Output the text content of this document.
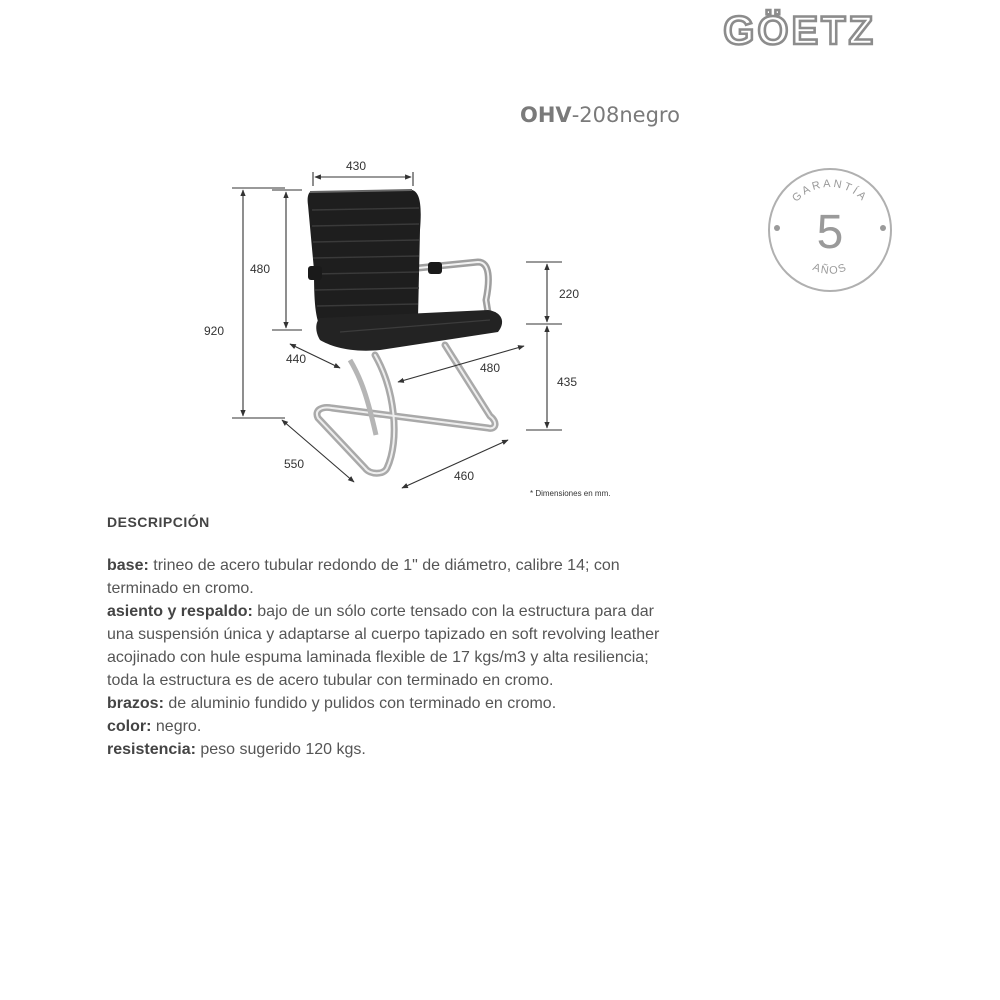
GÖETZ
OHV-208negro
430
480
920
220
435
440
480
550
460
* Dimensiones en mm.
GARANTÍA
5
AÑOS
DESCRIPCIÓN

base: trineo de acero tubular redondo de 1" de diámetro, calibre 14; con terminado en cromo.

asiento y respaldo: bajo de un sólo corte tensado con la estructura para dar una suspensión única y adaptarse al cuerpo tapizado en soft revolving leather acojinado con hule espuma laminada flexible de 17 kgs/m3 y alta resiliencia; toda la estructura es de acero tubular con terminado en cromo.

brazos: de aluminio fundido y pulidos con terminado en cromo.

color: negro.

resistencia: peso sugerido 120 kgs.
